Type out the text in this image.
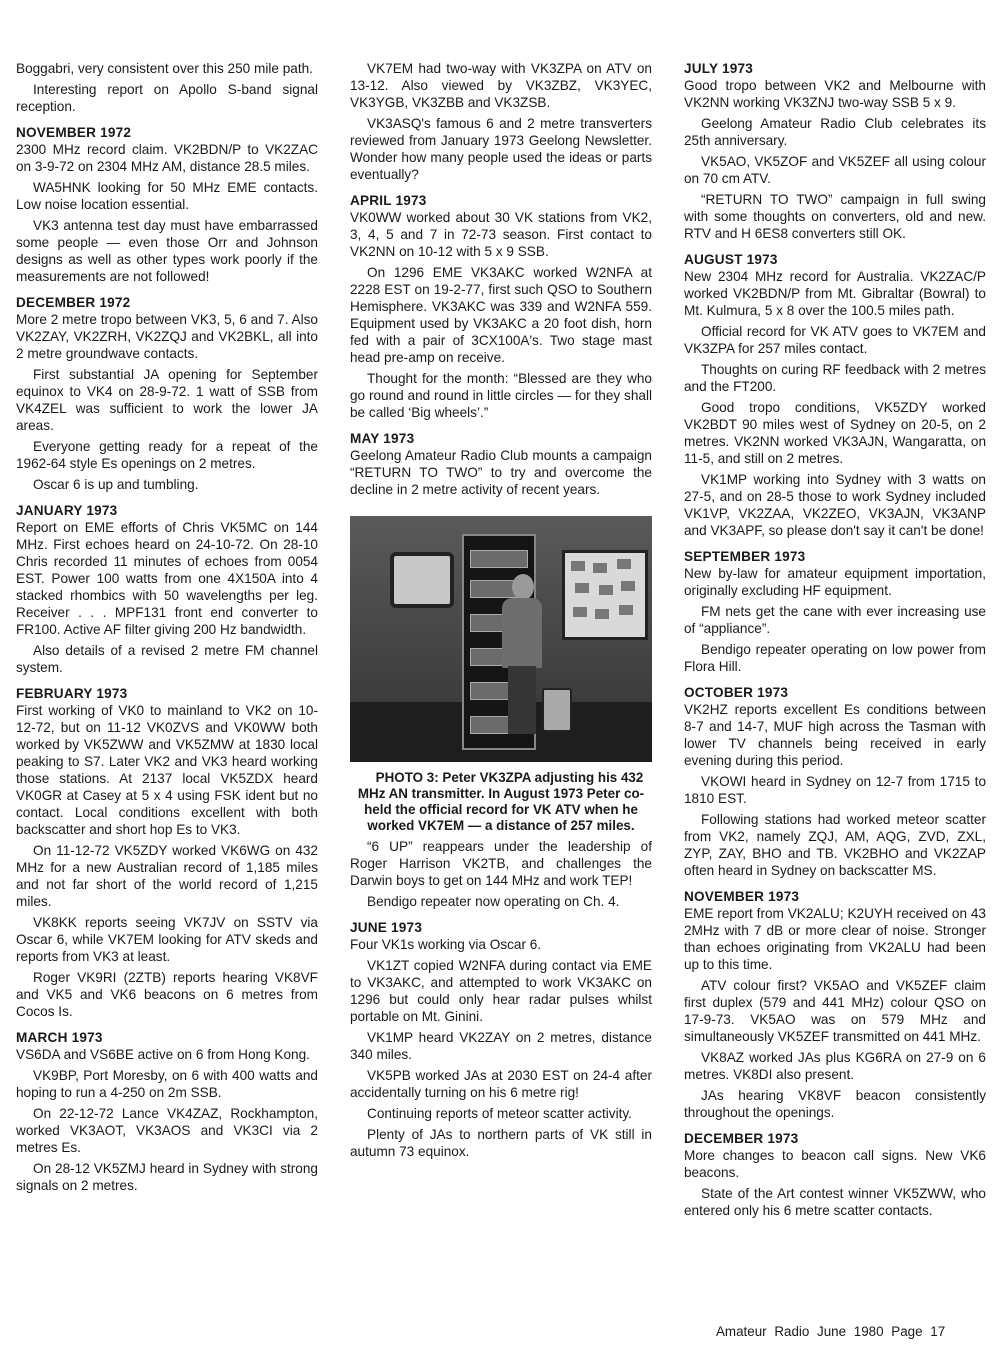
Boggabri, very consistent over this 250 mile path.

Interesting report on Apollo S-band signal reception.

NOVEMBER 1972

2300 MHz record claim. VK2BDN/P to VK2ZAC on 3-9-72 on 2304 MHz AM, distance 28.5 miles.

WA5HNK looking for 50 MHz EME contacts. Low noise location essential.

VK3 antenna test day must have embarrassed some people — even those Orr and Johnson designs as well as other types work poorly if the measurements are not followed!

DECEMBER 1972

More 2 metre tropo between VK3, 5, 6 and 7. Also VK2ZAY, VK2ZRH, VK2ZQJ and VK2BKL, all into 2 metre groundwave contacts.

First substantial JA opening for September equinox to VK4 on 28-9-72. 1 watt of SSB from VK4ZEL was sufficient to work the lower JA areas.

Everyone getting ready for a repeat of the 1962-64 style Es openings on 2 metres.

Oscar 6 is up and tumbling.

JANUARY 1973

Report on EME efforts of Chris VK5MC on 144 MHz. First echoes heard on 24-10-72. On 28-10 Chris recorded 11 minutes of echoes from 0054 EST. Power 100 watts from one 4X150A into 4 stacked rhombics with 50 wavelengths per leg. Receiver . . . MPF131 front end converter to FR100. Active AF filter giving 200 Hz bandwidth.

Also details of a revised 2 metre FM channel system.

FEBRUARY 1973

First working of VK0 to mainland to VK2 on 10-12-72, but on 11-12 VK0ZVS and VK0WW both worked by VK5ZWW and VK5ZMW at 1830 local peaking to S7. Later VK2 and VK3 heard working those stations. At 2137 local VK5ZDX heard VK0GR at Casey at 5 x 4 using FSK ident but no contact. Local conditions excellent with both backscatter and short hop Es to VK3.

On 11-12-72 VK5ZDY worked VK6WG on 432 MHz for a new Australian record of 1,185 miles and not far short of the world record of 1,215 miles.

VK8KK reports seeing VK7JV on SSTV via Oscar 6, while VK7EM looking for ATV skeds and reports from VK3 at least.

Roger VK9RI (2ZTB) reports hearing VK8VF and VK5 and VK6 beacons on 6 metres from Cocos Is.

MARCH 1973

VS6DA and VS6BE active on 6 from Hong Kong.

VK9BP, Port Moresby, on 6 with 400 watts and hoping to run a 4-250 on 2m SSB.

On 22-12-72 Lance VK4ZAZ, Rockhampton, worked VK3AOT, VK3AOS and VK3CI via 2 metres Es.

On 28-12 VK5ZMJ heard in Sydney with strong signals on 2 metres.

VK7EM had two-way with VK3ZPA on ATV on 13-12. Also viewed by VK3ZBZ, VK3YEC, VK3YGB, VK3ZBB and VK3ZSB.

VK3ASQ's famous 6 and 2 metre transverters reviewed from January 1973 Geelong Newsletter. Wonder how many people used the ideas or parts eventually?

APRIL 1973

VK0WW worked about 30 VK stations from VK2, 3, 4, 5 and 7 in 72-73 season. First contact to VK2NN on 10-12 with 5 x 9 SSB.

On 1296 EME VK3AKC worked W2NFA at 2228 EST on 19-2-77, first such QSO to Southern Hemisphere. VK3AKC was 339 and W2NFA 559. Equipment used by VK3AKC a 20 foot dish, horn fed with a pair of 3CX100A's. Two stage mast head pre-amp on receive.

Thought for the month: “Blessed are they who go round and round in little circles — for they shall be called ‘Big wheels’.”

MAY 1973

Geelong Amateur Radio Club mounts a campaign “RETURN TO TWO” to try and overcome the decline in 2 metre activity of recent years.

PHOTO 3: Peter VK3ZPA adjusting his 432 MHz AN transmitter. In August 1973 Peter co-held the official record for VK ATV when he worked VK7EM — a distance of 257 miles.

“6 UP” reappears under the leadership of Roger Harrison VK2TB, and challenges the Darwin boys to get on 144 MHz and work TEP!

Bendigo repeater now operating on Ch. 4.

JUNE 1973

Four VK1s working via Oscar 6.

VK1ZT copied W2NFA during contact via EME to VK3AKC, and attempted to work VK3AKC on 1296 but could only hear radar pulses whilst portable on Mt. Ginini.

VK1MP heard VK2ZAY on 2 metres, distance 340 miles.

VK5PB worked JAs at 2030 EST on 24-4 after accidentally turning on his 6 metre rig!

Continuing reports of meteor scatter activity.

Plenty of JAs to northern parts of VK still in autumn 73 equinox.

JULY 1973

Good tropo between VK2 and Melbourne with VK2NN working VK3ZNJ two-way SSB 5 x 9.

Geelong Amateur Radio Club celebrates its 25th anniversary.

VK5AO, VK5ZOF and VK5ZEF all using colour on 70 cm ATV.

“RETURN TO TWO” campaign in full swing with some thoughts on converters, old and new. RTV and H 6ES8 converters still OK.

AUGUST 1973

New 2304 MHz record for Australia. VK2ZAC/P worked VK2BDN/P from Mt. Gibraltar (Bowral) to Mt. Kulmura, 5 x 8 over the 100.5 miles path.

Official record for VK ATV goes to VK7EM and VK3ZPA for 257 miles contact.

Thoughts on curing RF feedback with 2 metres and the FT200.

Good tropo conditions, VK5ZDY worked VK2BDT 90 miles west of Sydney on 20-5, on 2 metres. VK2NN worked VK3AJN, Wangaratta, on 11-5, and still on 2 metres.

VK1MP working into Sydney with 3 watts on 27-5, and on 28-5 those to work Sydney included VK1VP, VK2ZAA, VK2ZEO, VK3AJN, VK3ANP and VK3APF, so please don't say it can't be done!

SEPTEMBER 1973

New by-law for amateur equipment importation, originally excluding HF equipment.

FM nets get the cane with ever increasing use of “appliance”.

Bendigo repeater operating on low power from Flora Hill.

OCTOBER 1973

VK2HZ reports excellent Es conditions between 8-7 and 14-7, MUF high across the Tasman with lower TV channels being received in early evening during this period.

VKOWI heard in Sydney on 12-7 from 1715 to 1810 EST.

Following stations had worked meteor scatter from VK2, namely ZQJ, AM, AQG, ZVD, ZXL, ZYP, ZAY, BHO and TB. VK2BHO and VK2ZAP often heard in Sydney on backscatter MS.

NOVEMBER 1973

EME report from VK2ALU; K2UYH received on 43 2MHz with 7 dB or more clear of noise. Stronger than echoes originating from VK2ALU had been up to this time.

ATV colour first? VK5AO and VK5ZEF claim first duplex (579 and 441 MHz) colour QSO on 17-9-73. VK5AO was on 579 MHz and simultaneously VK5ZEF transmitted on 441 MHz.

VK8AZ worked JAs plus KG6RA on 27-9 on 6 metres. VK8DI also present.

JAs hearing VK8VF beacon consistently throughout the openings.

DECEMBER 1973

More changes to beacon call signs. New VK6 beacons.

State of the Art contest winner VK5ZWW, who entered only his 6 metre scatter contacts.

Amateur Radio June 1980 Page 17
